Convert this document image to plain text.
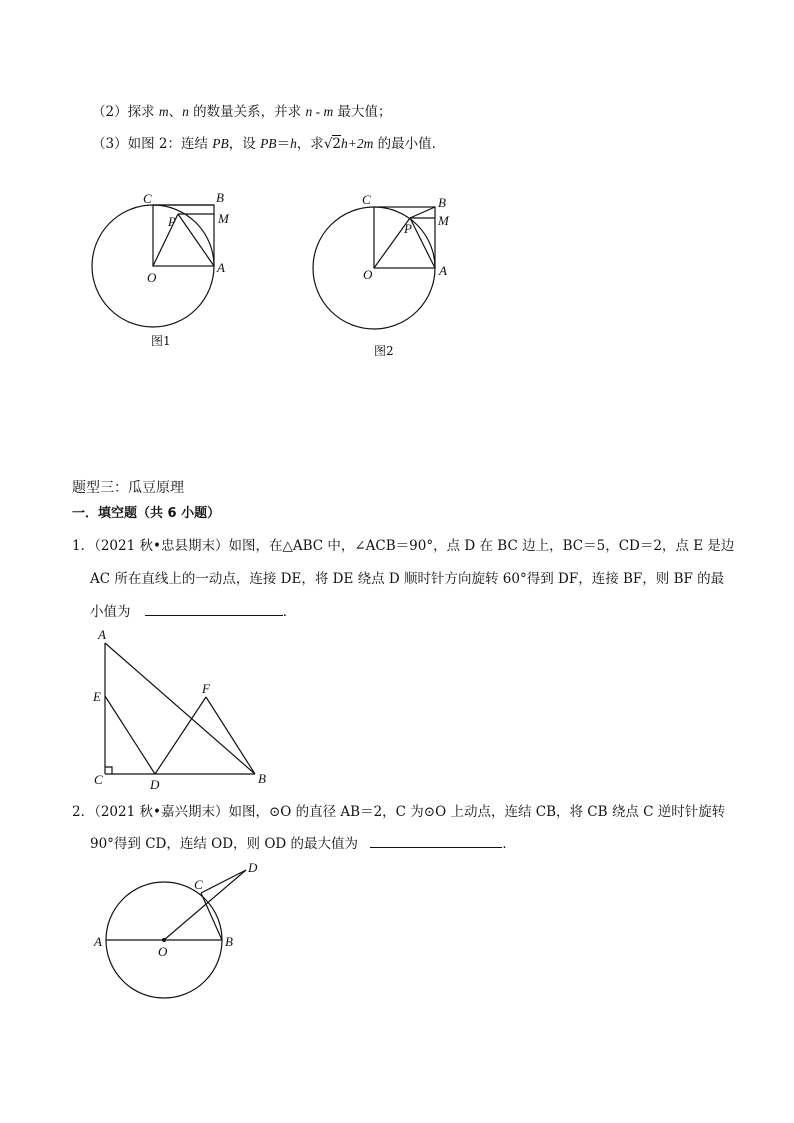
（2）探求 m、n 的数量关系，并求 n - m 最大值；
（3）如图 2：连结 PB，设 PB＝h，求√2h+2m 的最小值.
C	B
P	M
O
A
图1
C	B
P
M
O	A
图2
题型三：瓜豆原理
一．填空题（共 6 小题）
1．（2021 秋•忠县期末）如图，在△ABC 中，∠ACB＝90°，点 D 在 BC 边上，BC＝5，CD＝2，点 E 是边
AC 所在直线上的一动点，连接 DE，将 DE 绕点 D 顺时针方向旋转 60°得到 DF，连接 BF，则 BF 的最
小值为	．
A
E
F
C	D	B
2．（2021 秋•嘉兴期末）如图，⊙O 的直径 AB＝2，C 为⊙O 上动点，连结 CB，将 CB 绕点 C 逆时针旋转
90°得到 CD，连结 OD，则 OD 的最大值为	．
D
C
A
O
B
